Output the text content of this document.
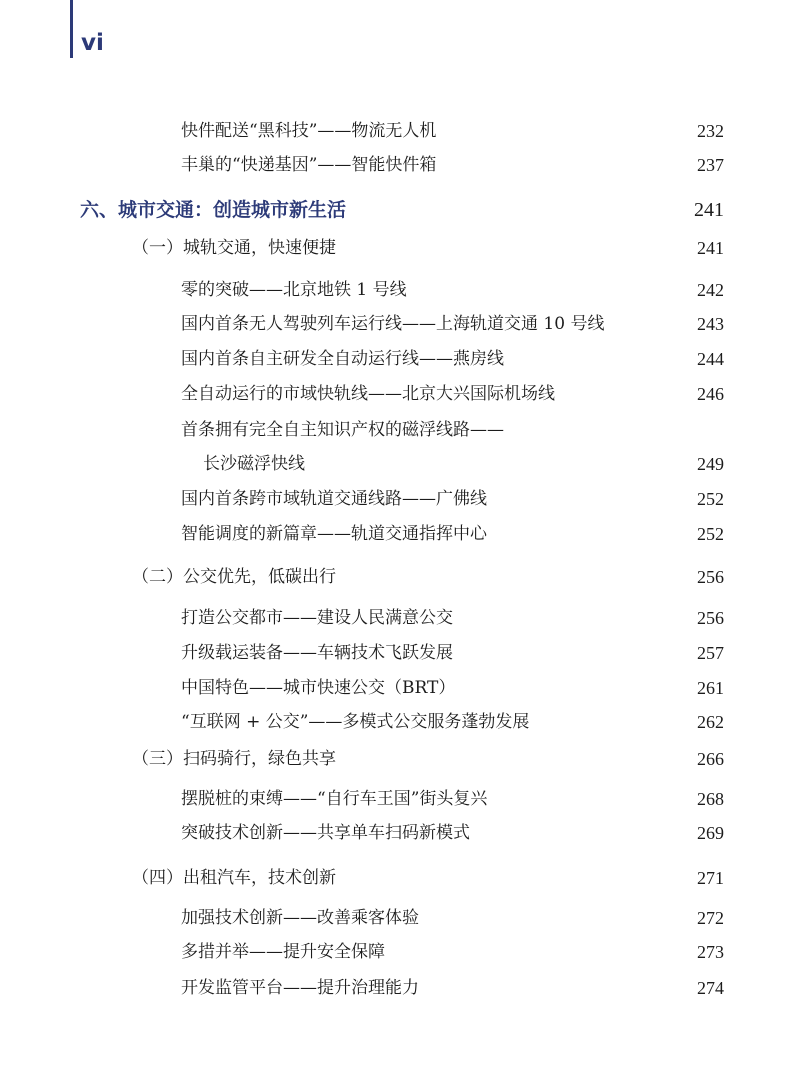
vi
快件配送“黑科技”——物流无人机	232
丰巢的“快递基因”——智能快件箱	237
六、城市交通：创造城市新生活	241
（一）城轨交通，快速便捷	241
零的突破——北京地铁 1 号线	242
国内首条无人驾驶列车运行线——上海轨道交通 10 号线	243
国内首条自主研发全自动运行线——燕房线	244
全自动运行的市域快轨线——北京大兴国际机场线	246
首条拥有完全自主知识产权的磁浮线路——
长沙磁浮快线	249
国内首条跨市域轨道交通线路——广佛线	252
智能调度的新篇章——轨道交通指挥中心	252
（二）公交优先，低碳出行	256
打造公交都市——建设人民满意公交	256
升级载运装备——车辆技术飞跃发展	257
中国特色——城市快速公交（BRT）	261
“互联网 + 公交”——多模式公交服务蓬勃发展	262
（三）扫码骑行，绿色共享	266
摆脱桩的束缚——“自行车王国”街头复兴	268
突破技术创新——共享单车扫码新模式	269
（四）出租汽车，技术创新	271
加强技术创新——改善乘客体验	272
多措并举——提升安全保障	273
开发监管平台——提升治理能力	274
